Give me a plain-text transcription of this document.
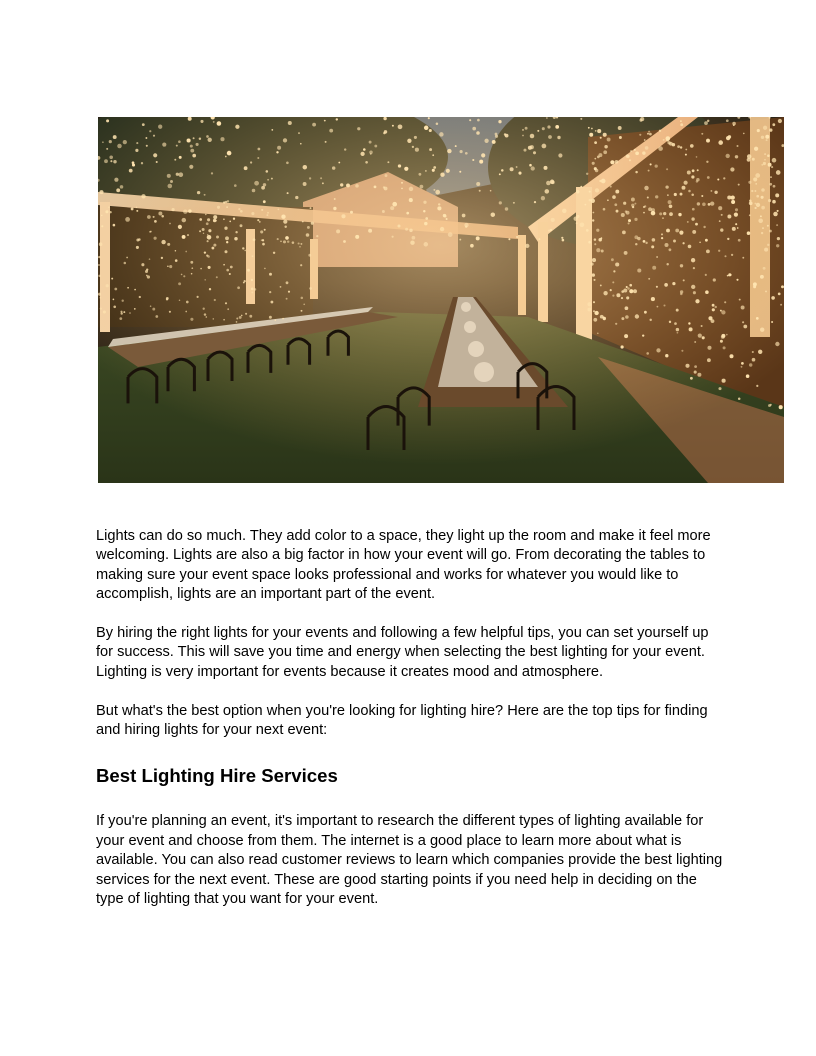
Lights can do so much. They add color to a space, they light up the room and make it feel more welcoming. Lights are also a big factor in how your event will go. From decorating the tables to making sure your event space looks professional and works for whatever you would like to accomplish, lights are an important part of the event.

By hiring the right lights for your events and following a few helpful tips, you can set yourself up for success. This will save you time and energy when selecting the best lighting for your event. Lighting is very important for events because it creates mood and atmosphere.

But what's the best option when you're looking for lighting hire? Here are the top tips for finding and hiring lights for your next event:

Best Lighting Hire Services

If you're planning an event, it's important to research the different types of lighting available for your event and choose from them. The internet is a good place to learn more about what is available. You can also read customer reviews to learn which companies provide the best lighting services for the next event. These are good starting points if you need help in deciding on the type of lighting that you want for your event.
